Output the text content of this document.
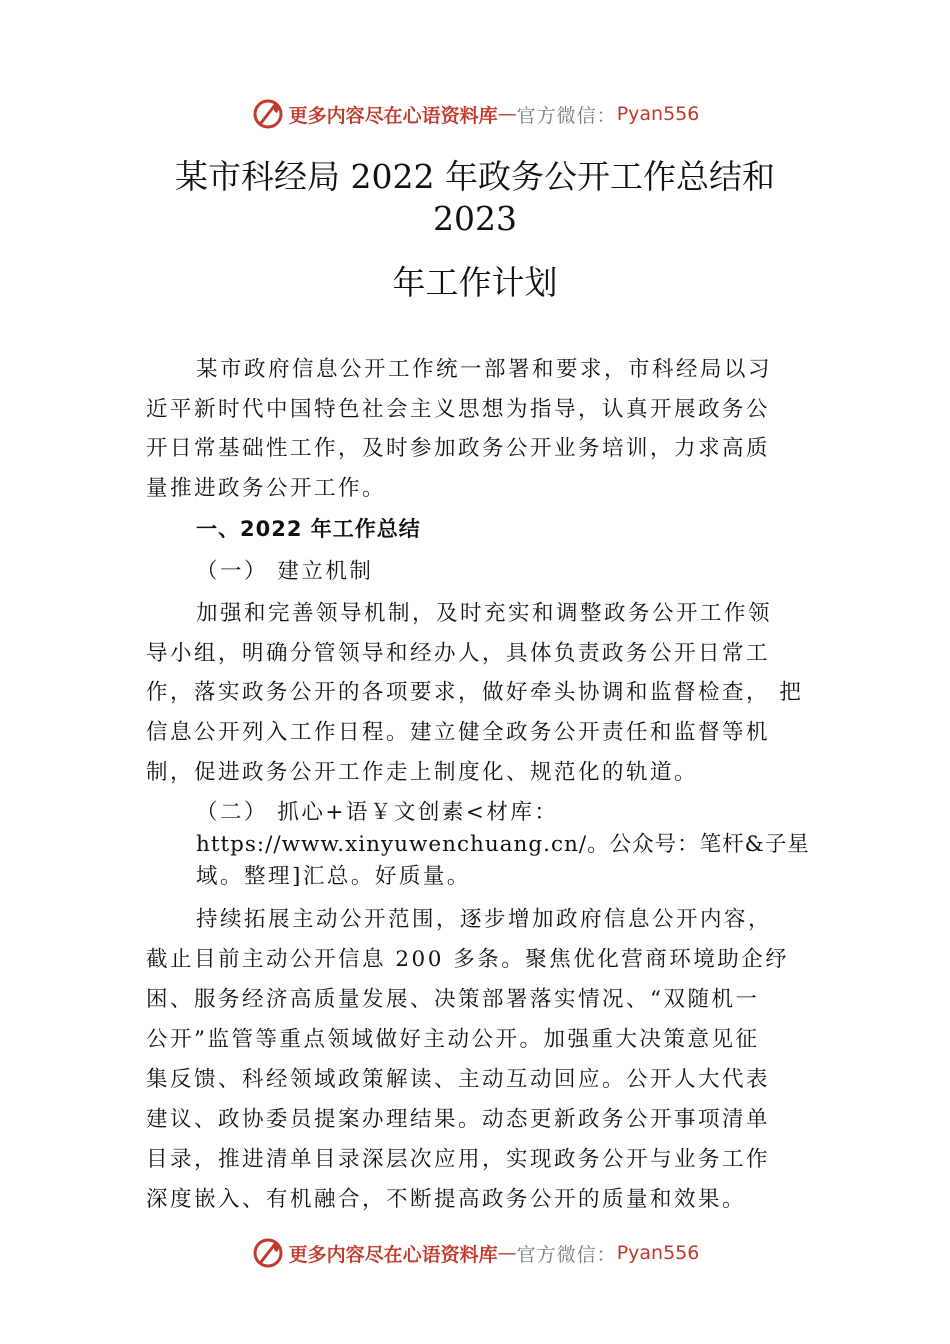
更多内容尽在心语资料库 — 官方微信： Pyan556
某市科经局 2022 年政务公开工作总结和
2023
年工作计划
某市政府信息公开工作统一部署和要求，市科经局以习
近平新时代中国特色社会主义思想为指导，认真开展政务公
开日常基础性工作，及时参加政务公开业务培训，力求高质
量推进政务公开工作。
一、2022 年工作总结
（一） 建立机制
加强和完善领导机制，及时充实和调整政务公开工作领
导小组，明确分管领导和经办人，具体负责政务公开日常工
作，落实政务公开的各项要求，做好牵头协调和监督检查， 把
信息公开列入工作日程。建立健全政务公开责任和监督等机
制，促进政务公开工作走上制度化、规范化的轨道。
（二） 抓心+语￥文创素<材库：
https://www.xinyuwenchuang.cn/。公众号：笔杆&子星
域。整理]汇总。好质量。
持续拓展主动公开范围，逐步增加政府信息公开内容，
截止目前主动公开信息 200 多条。聚焦优化营商环境助企纾
困、服务经济高质量发展、决策部署落实情况、“双随机一
公开”监管等重点领域做好主动公开。加强重大决策意见征
集反馈、科经领域政策解读、主动互动回应。公开人大代表
建议、政协委员提案办理结果。动态更新政务公开事项清单
目录，推进清单目录深层次应用，实现政务公开与业务工作
深度嵌入、有机融合，不断提高政务公开的质量和效果。
更多内容尽在心语资料库 — 官方微信： Pyan556
